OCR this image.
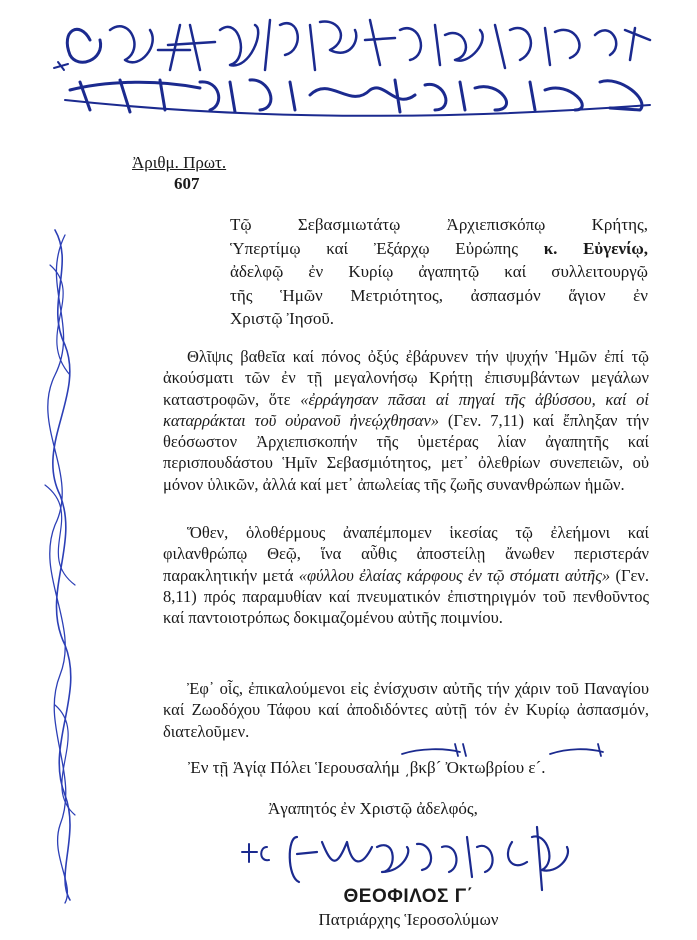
Ἀριθμ. Πρωτ.
607
Τῷ Σεβασμιωτάτῳ Ἀρχιεπισκόπῳ Κρήτης,
Ὑπερτίμῳ καί Ἐξάρχῳ Εὐρώπης κ. Εὐγενίῳ,
ἀδελφῷ ἐν Κυρίῳ ἀγαπητῷ καί συλλειτουργῷ
τῆς Ἡμῶν Μετριότητος, ἀσπασμόν ἅγιον ἐν
Χριστῷ Ἰησοῦ.

Θλῖψις βαθεῖα καί πόνος ὀξύς ἐβάρυνεν τήν ψυχήν Ἡμῶν ἐπί τῷ ἀκούσματι τῶν ἐν τῇ μεγαλονήσῳ Κρήτῃ ἐπισυμβάντων μεγάλων καταστροφῶν, ὅτε «ἐρράγησαν πᾶσαι αἱ πηγαί τῆς ἀβύσσου, καί οἱ καταρράκται τοῦ οὐρανοῦ ἠνεῴχθησαν» (Γεν. 7,11) καί ἔπληξαν τήν θεόσωστον Ἀρχιεπισκοπήν τῆς ὑμετέρας λίαν ἀγαπητῆς καί περισπουδάστου Ἡμῖν Σεβασμιότητος, μετ᾽ ὀλεθρίων συνεπειῶν, οὐ μόνον ὑλικῶν, ἀλλά καί μετ᾽ ἀπωλείας τῆς ζωῆς συνανθρώπων ἡμῶν.

Ὅθεν, ὁλοθέρμους ἀναπέμπομεν ἱκεσίας τῷ ἐλεήμονι καί φιλανθρώπῳ Θεῷ, ἵνα αὖθις ἀποστείλῃ ἄνωθεν περιστεράν παρακλητικήν μετά «φύλλου ἐλαίας κάρφους ἐν τῷ στόματι αὐτῆς» (Γεν. 8,11) πρός παραμυθίαν καί πνευματικόν ἐπιστηριγμόν τοῦ πενθοῦντος καί παντοιοτρόπως δοκιμαζομένου αὐτῆς ποιμνίου.

Ἐφ᾽ οἷς, ἐπικαλούμενοι εἰς ἐνίσχυσιν αὐτῆς τήν χάριν τοῦ Παναγίου καί Ζωοδόχου Τάφου καί ἀποδιδόντες αὐτῇ τόν ἐν Κυρίῳ ἀσπασμόν, διατελοῦμεν.

Ἐν τῇ Ἁγίᾳ Πόλει Ἱερουσαλήμ ͵βκβ´ Ὀκτωβρίου ε´.
Ἀγαπητός ἐν Χριστῷ ἀδελφός,
ΘΕΟΦΙΛΟΣ Γ΄
Πατριάρχης Ἱεροσολύμων
